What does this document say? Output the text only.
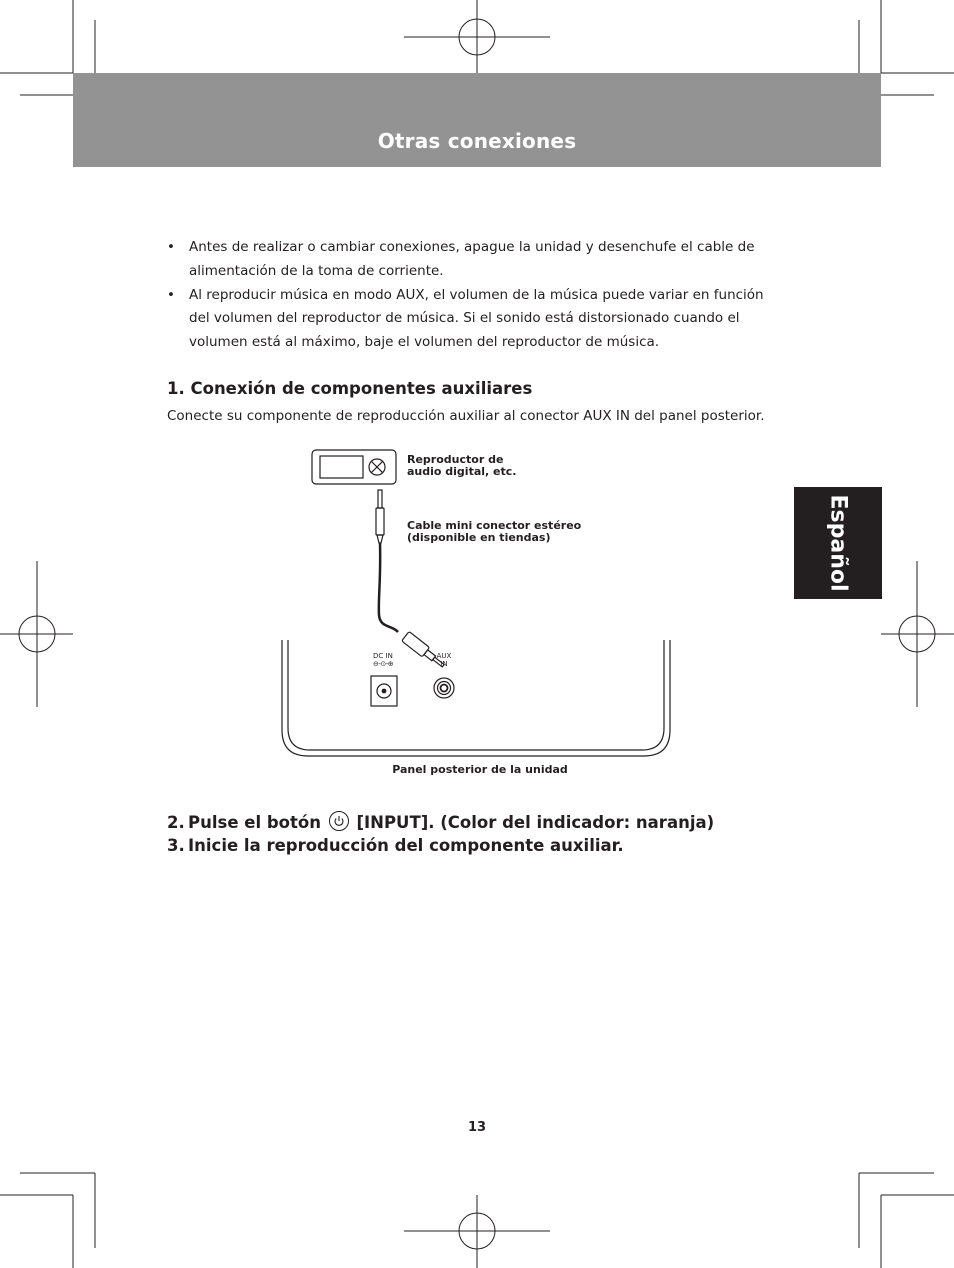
Otras conexiones
Español
• Antes de realizar o cambiar conexiones, apague la unidad y desenchufe el cable de alimentación de la toma de corriente.
• Al reproducir música en modo AUX, el volumen de la música puede variar en función del volumen del reproductor de música. Si el sonido está distorsionado cuando el volumen está al máximo, baje el volumen del reproductor de música.
1. Conexión de componentes auxiliares

Conecte su componente de reproducción auxiliar al conector AUX IN del panel posterior.

Reproductor de
audio digital, etc.
Cable mini conector estéreo
(disponible en tiendas)
DC IN
⊖-⊙-⊕
AUX
IN
Panel posterior de la unidad

2. Pulse el botón [INPUT]. (Color del indicador: naranja)

3. Inicie la reproducción del componente auxiliar.

13
